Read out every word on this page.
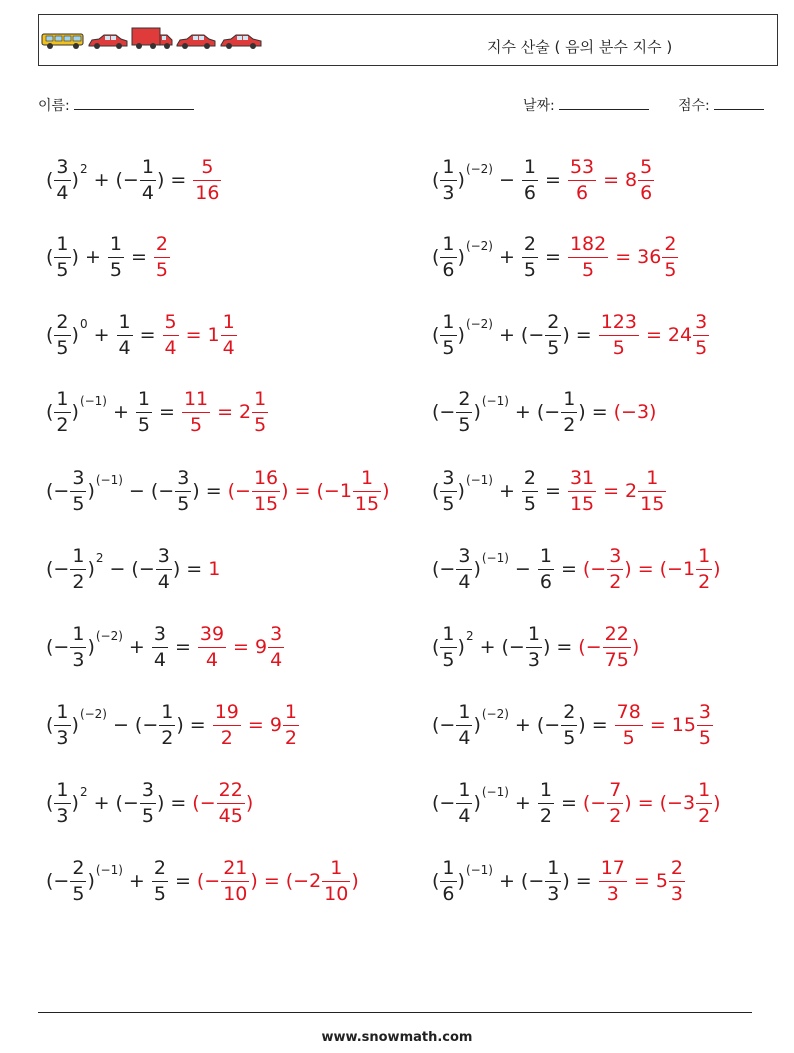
지수 산술 ( 음의 분수 지수 )
이름:	날짜:	점수:
( $\frac{3}{4} )^2$ + (− $\frac{1}{4}$ ) = $\frac{5}{16}$
( $\frac{1}{5}$ ) + $\frac{1}{5} = \frac{2}{5}$
( $\frac{2}{5} )^0 + \frac{1}{4} = \frac{5}{4} = 1 \frac{1}{4}$
( $\frac{1}{2} )^{(-1)} + \frac{1}{5} = \frac{11}{5} = 2 \frac{1}{5}$
(− $\frac{3}{5} )^{(-1)}$ − (− $\frac{3}{5}$ ) = (− $\frac{16}{15}$ ) = ($-1 \frac{1}{15}$ )
(− $\frac{1}{2} )^2$ − (− $\frac{3}{4}$ ) = 1
(− $\frac{1}{3} )^{(-2)} + \frac{3}{4} = \frac{39}{4} = 9 \frac{3}{4}$
( $\frac{1}{3} )^{(-2)}$ − (− $\frac{1}{2}$ ) = $\frac{19}{2} = 9 \frac{1}{2}$
( $\frac{1}{3} )^2$ + (− $\frac{3}{5}$ ) = (− $\frac{22}{45}$ )
(− $\frac{2}{5} )^{(-1)} + \frac{2}{5}$ = (− $\frac{21}{10}$ ) = ($-2 \frac{1}{10}$ )
( $\frac{1}{3} )^{(-2)} - \frac{1}{6} = \frac{53}{6} = 8 \frac{5}{6}$
( $\frac{1}{6} )^{(-2)} + \frac{2}{5} = \frac{182}{5} = 36 \frac{2}{5}$
( $\frac{1}{5} )^{(-2)}$ + (− $\frac{2}{5}$ ) = $\frac{123}{5} = 24 \frac{3}{5}$
(− $\frac{2}{5} )^{(-1)}$ + (− $\frac{1}{2}$ ) = (−3)
( $\frac{3}{5} )^{(-1)} + \frac{2}{5} = \frac{31}{15} = 2 \frac{1}{15}$
(− $\frac{3}{4} )^{(-1)} - \frac{1}{6}$ = (− $\frac{3}{2}$ ) = ($-1 \frac{1}{2}$ )
( $\frac{1}{5} )^2$ + (− $\frac{1}{3}$ ) = (− $\frac{22}{75}$ )
(− $\frac{1}{4} )^{(-2)}$ + (− $\frac{2}{5}$ ) = $\frac{78}{5} = 15 \frac{3}{5}$
(− $\frac{1}{4} )^{(-1)} + \frac{1}{2}$ = (− $\frac{7}{2}$ ) = ($-3 \frac{1}{2}$ )
( $\frac{1}{6} )^{(-1)}$ + (− $\frac{1}{3}$ ) = $\frac{17}{3} = 5 \frac{2}{3}$
www.snowmath.com
